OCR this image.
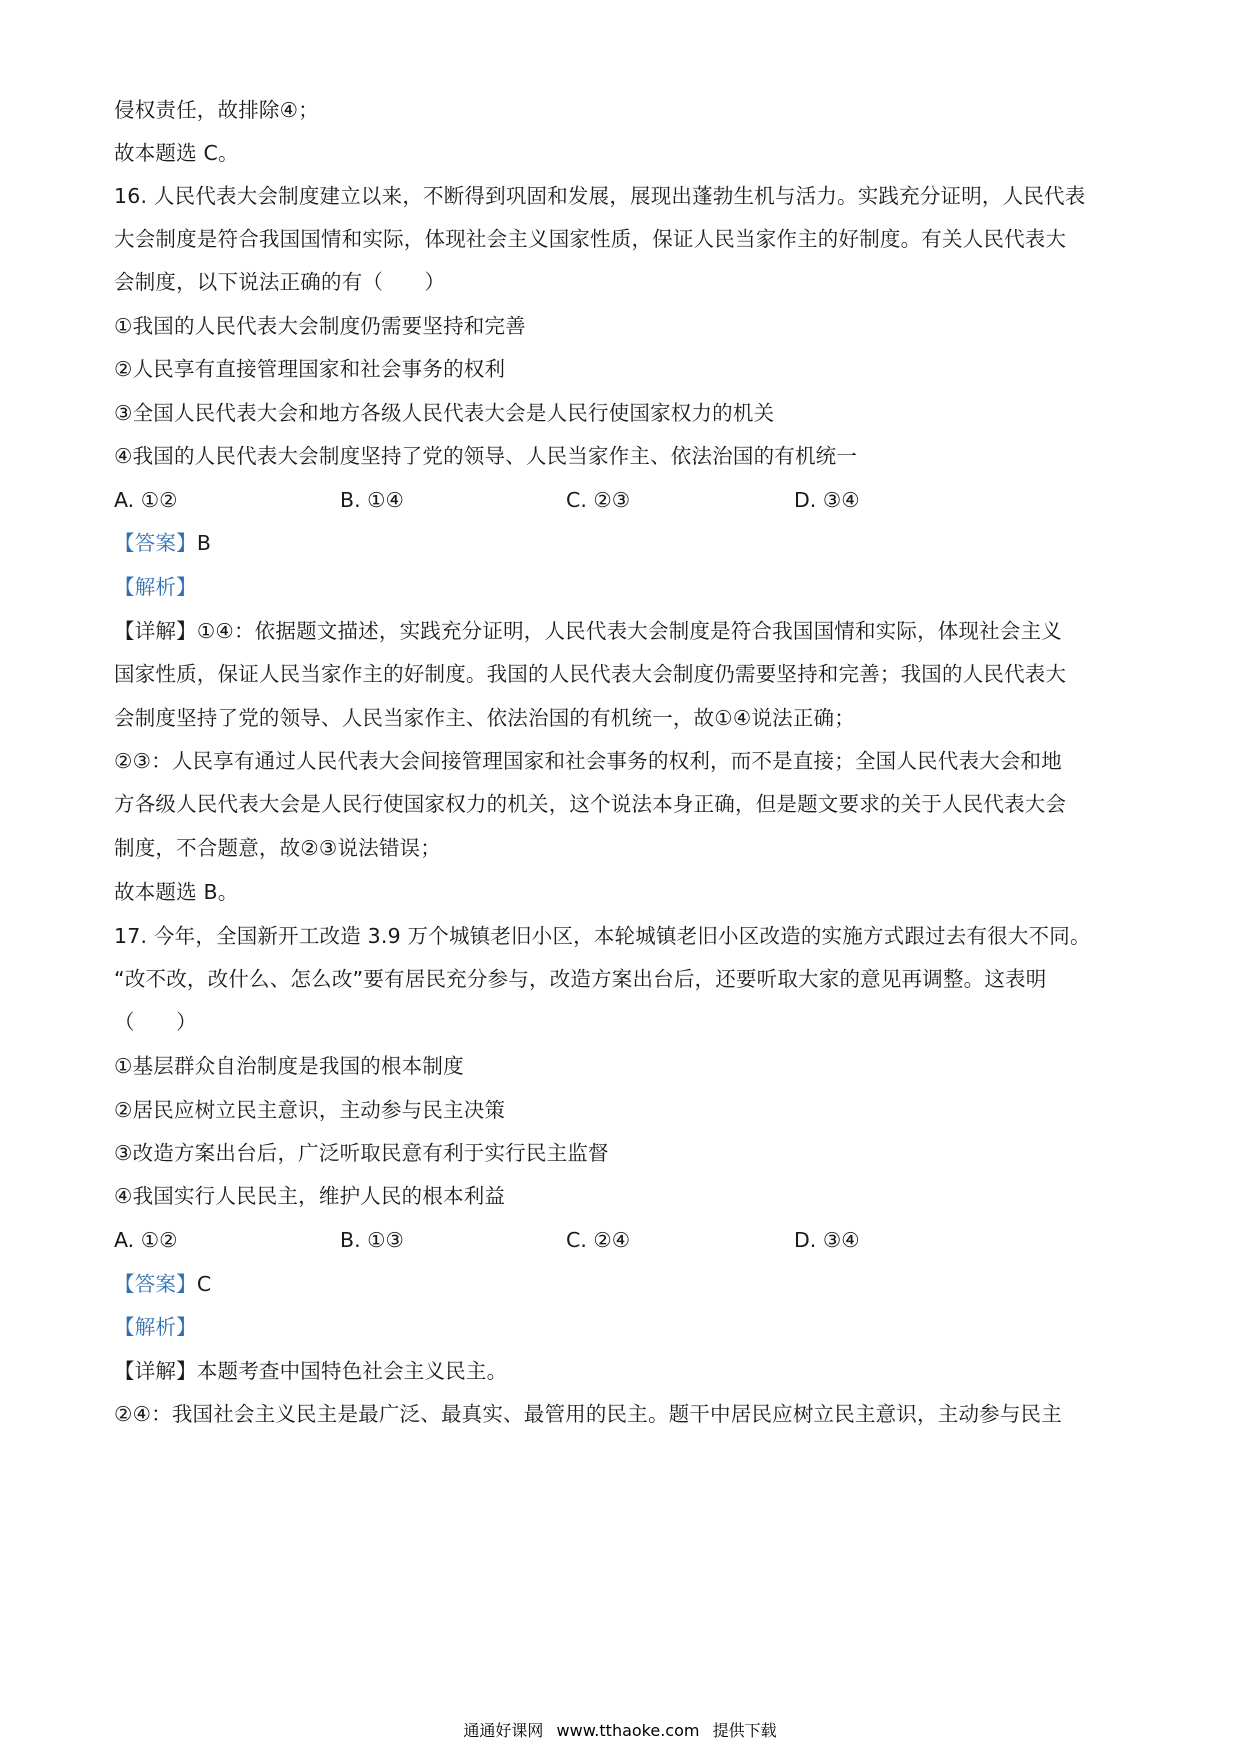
侵权责任，故排除④；
故本题选 C。
16. 人民代表大会制度建立以来，不断得到巩固和发展，展现出蓬勃生机与活力。实践充分证明，人民代表
大会制度是符合我国国情和实际，体现社会主义国家性质，保证人民当家作主的好制度。有关人民代表大
会制度，以下说法正确的有（　　）
①我国的人民代表大会制度仍需要坚持和完善
②人民享有直接管理国家和社会事务的权利
③全国人民代表大会和地方各级人民代表大会是人民行使国家权力的机关
④我国的人民代表大会制度坚持了党的领导、人民当家作主、依法治国的有机统一
A. ①②	B. ①④	C. ②③	D. ③④
【答案】B
【解析】
【详解】①④：依据题文描述，实践充分证明，人民代表大会制度是符合我国国情和实际，体现社会主义
国家性质，保证人民当家作主的好制度。我国的人民代表大会制度仍需要坚持和完善；我国的人民代表大
会制度坚持了党的领导、人民当家作主、依法治国的有机统一，故①④说法正确；
②③：人民享有通过人民代表大会间接管理国家和社会事务的权利，而不是直接；全国人民代表大会和地
方各级人民代表大会是人民行使国家权力的机关，这个说法本身正确，但是题文要求的关于人民代表大会
制度，不合题意，故②③说法错误；
故本题选 B。
17. 今年，全国新开工改造 3.9 万个城镇老旧小区，本轮城镇老旧小区改造的实施方式跟过去有很大不同。
“改不改，改什么、怎么改”要有居民充分参与，改造方案出台后，还要听取大家的意见再调整。这表明
（　　）
①基层群众自治制度是我国的根本制度
②居民应树立民主意识，主动参与民主决策
③改造方案出台后，广泛听取民意有利于实行民主监督
④我国实行人民民主，维护人民的根本利益
A. ①②	B. ①③	C. ②④	D. ③④
【答案】C
【解析】
【详解】本题考查中国特色社会主义民主。
②④：我国社会主义民主是最广泛、最真实、最管用的民主。题干中居民应树立民主意识，主动参与民主
通通好课网 www.tthaoke.com 提供下载
